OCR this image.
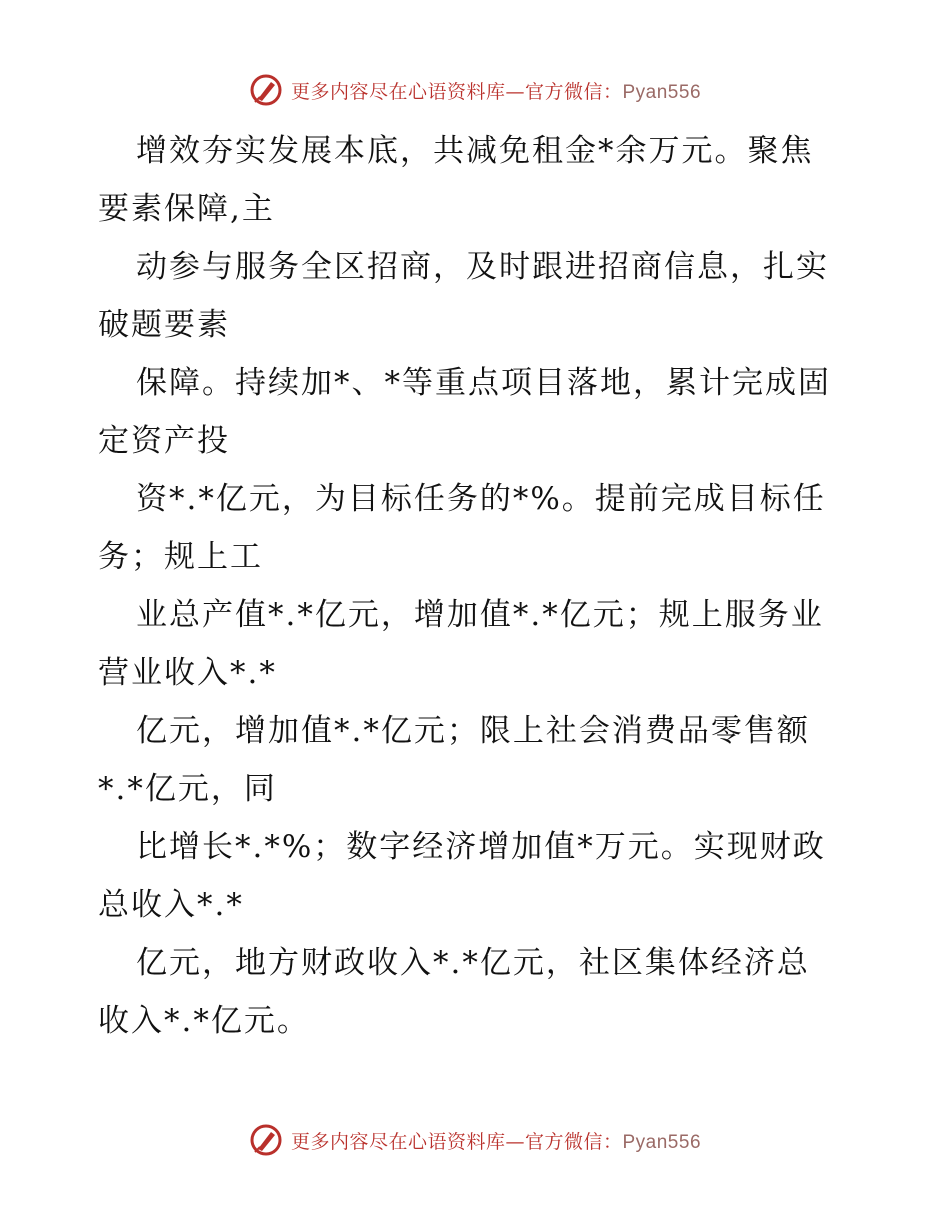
更多内容尽在心语资料库—官方微信：Pyan556
增效夯实发展本底，共减免租金*余万元。聚焦
要素保障,主
动参与服务全区招商，及时跟进招商信息，扎实
破题要素
保障。持续加*、*等重点项目落地，累计完成固
定资产投
资*.*亿元，为目标任务的*%。提前完成目标任
务；规上工
业总产值*.*亿元，增加值*.*亿元；规上服务业
营业收入*.*
亿元，增加值*.*亿元；限上社会消费品零售额
*.*亿元，同
比增长*.*%；数字经济增加值*万元。实现财政
总收入*.*
亿元，地方财政收入*.*亿元，社区集体经济总
收入*.*亿元。
更多内容尽在心语资料库—官方微信：Pyan556
